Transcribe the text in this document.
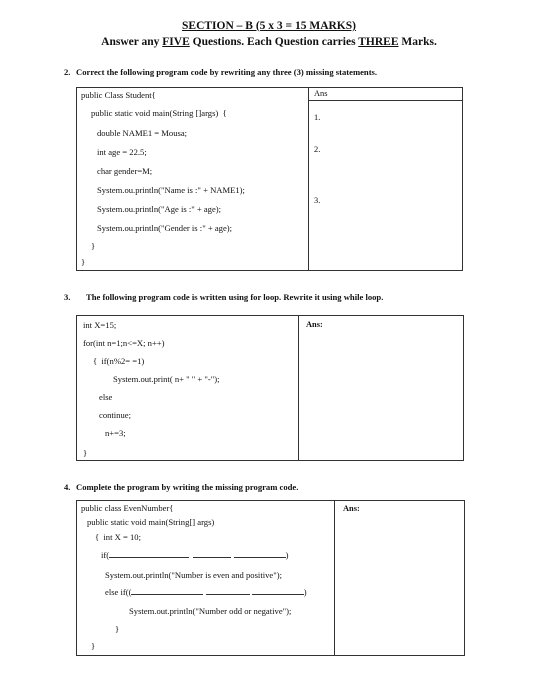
SECTION – B (5 x 3 = 15 MARKS)
Answer any FIVE Questions. Each Question carries THREE Marks.
2. Correct the following program code by rewriting any three (3) missing statements.
public Class Student{
public static void main(String []args)  {
double NAME1 = Mousa;
int age = 22.5;
char gender=M;
System.ou.println("Name is :" + NAME1);
System.ou.println("Age is :" + age);
System.ou.println("Gender is :" + age);
}
}
Ans
1.
2.
3.
3. The following program code is written using for loop. Rewrite it using while loop.
int X=15;
for(int n=1;n<=X; n++)
{  if(n%2= =1)
System.out.print( n+ " " + "-");
else
continue;
n+=3;
}
Ans:
4. Complete the program by writing the missing program code.
public class EvenNumber{
public static void main(String[] args)
{  int X = 10;
if(	)
System.out.println("Number is even and positive");
else if((	)
System.out.println("Number odd or negative");
}
}
Ans:
